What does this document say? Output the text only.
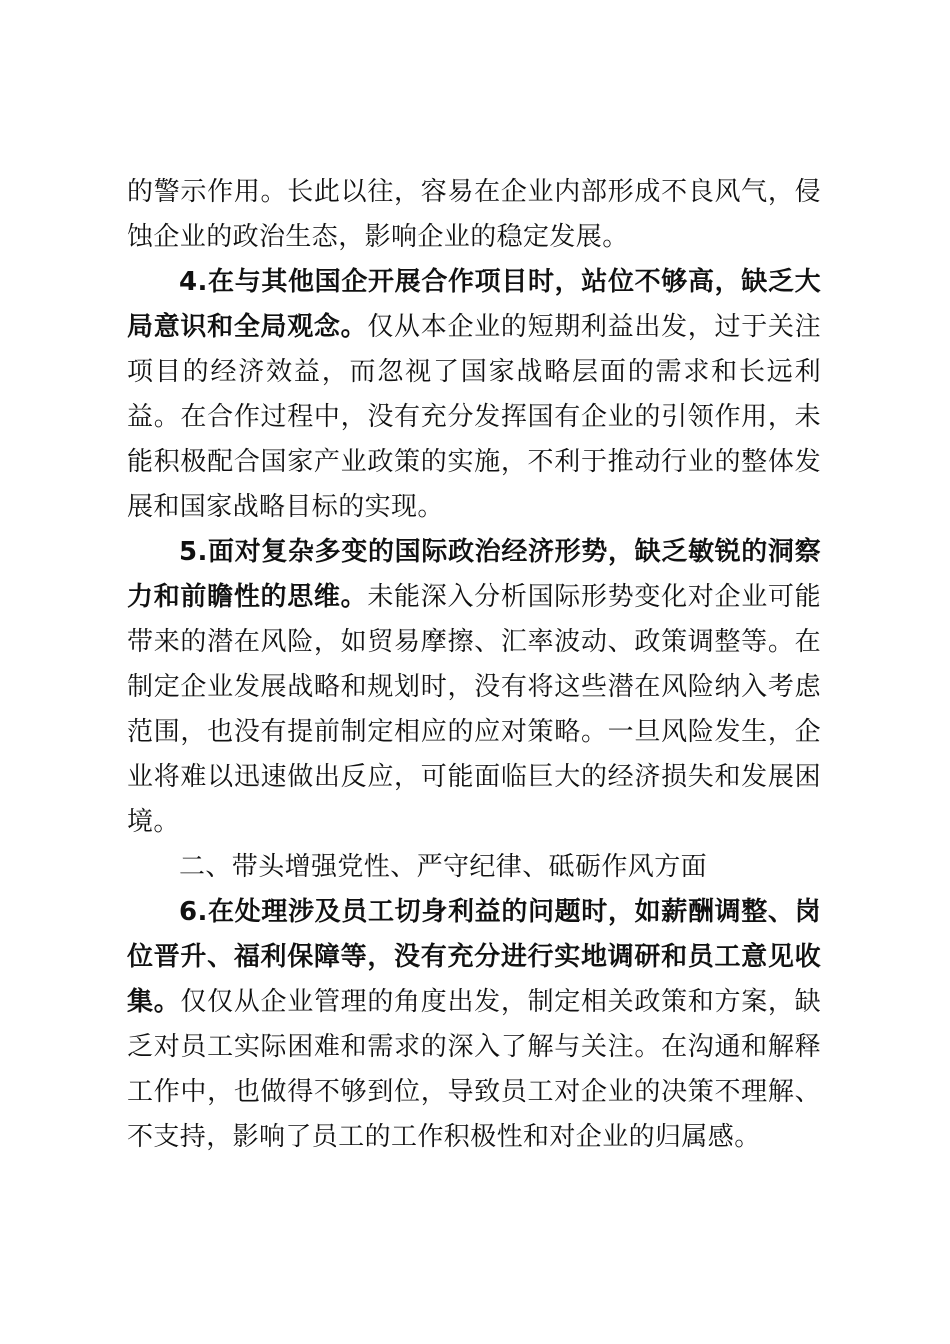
的警示作用。长此以往，容易在企业内部形成不良风气，侵蚀企业的政治生态，影响企业的稳定发展。

4.在与其他国企开展合作项目时，站位不够高，缺乏大局意识和全局观念。仅从本企业的短期利益出发，过于关注项目的经济效益，而忽视了国家战略层面的需求和长远利益。在合作过程中，没有充分发挥国有企业的引领作用，未能积极配合国家产业政策的实施，不利于推动行业的整体发展和国家战略目标的实现。

5.面对复杂多变的国际政治经济形势，缺乏敏锐的洞察力和前瞻性的思维。未能深入分析国际形势变化对企业可能带来的潜在风险，如贸易摩擦、汇率波动、政策调整等。在制定企业发展战略和规划时，没有将这些潜在风险纳入考虑范围，也没有提前制定相应的应对策略。一旦风险发生，企业将难以迅速做出反应，可能面临巨大的经济损失和发展困境。

二、带头增强党性、严守纪律、砥砺作风方面

6.在处理涉及员工切身利益的问题时，如薪酬调整、岗位晋升、福利保障等，没有充分进行实地调研和员工意见收集。仅仅从企业管理的角度出发，制定相关政策和方案，缺乏对员工实际困难和需求的深入了解与关注。在沟通和解释工作中，也做得不够到位，导致员工对企业的决策不理解、不支持，影响了员工的工作积极性和对企业的归属感。
